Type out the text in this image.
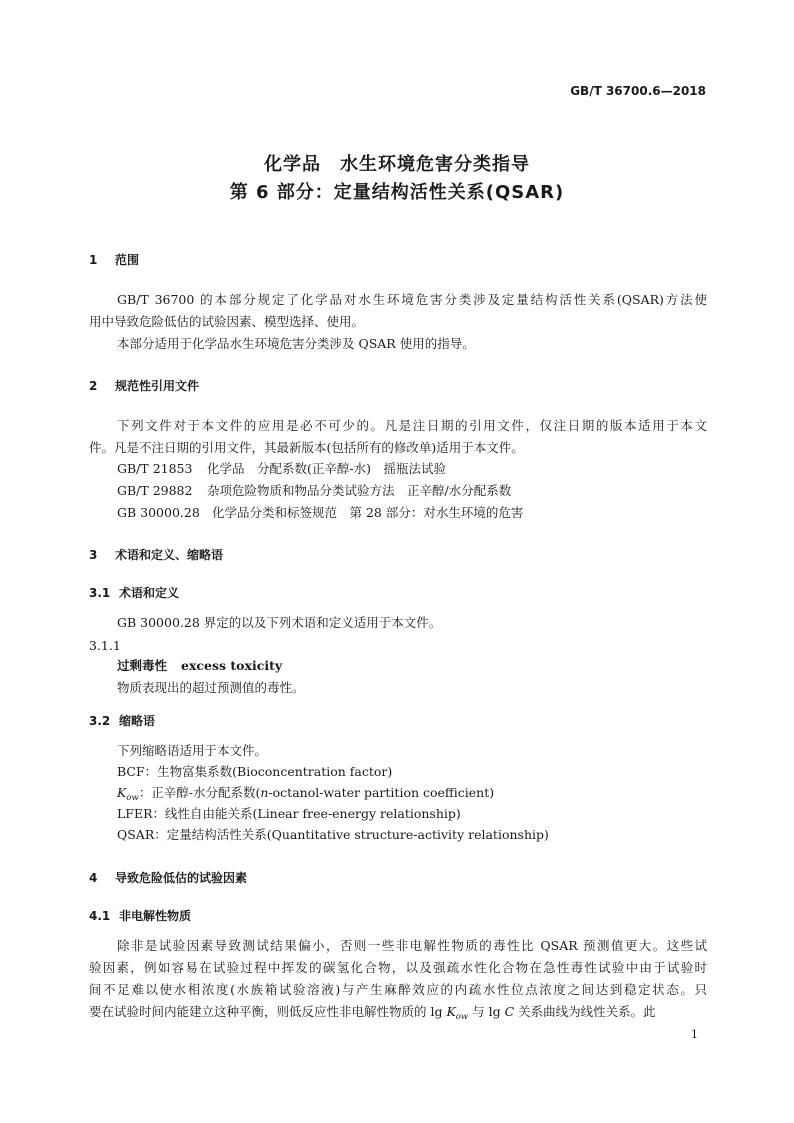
GB/T 36700.6—2018
化学品　水生环境危害分类指导
第 6 部分：定量结构活性关系(QSAR)
1 范围
GB/T 36700 的本部分规定了化学品对水生环境危害分类涉及定量结构活性关系(QSAR)方法使
用中导致危险低估的试验因素、模型选择、使用。
本部分适用于化学品水生环境危害分类涉及 QSAR 使用的指导。
2 规范性引用文件
下列文件对于本文件的应用是必不可少的。凡是注日期的引用文件，仅注日期的版本适用于本文
件。凡是不注日期的引用文件，其最新版本(包括所有的修改单)适用于本文件。
GB/T 21853 化学品　分配系数(正辛醇-水)　摇瓶法试验
GB/T 29882 杂项危险物质和物品分类试验方法　正辛醇/水分配系数
GB 30000.28 化学品分类和标签规范　第 28 部分：对水生环境的危害
3 术语和定义、缩略语
3.1 术语和定义
GB 30000.28 界定的以及下列术语和定义适用于本文件。
3.1.1
过剩毒性 excess toxicity
物质表现出的超过预测值的毒性。
3.2 缩略语
下列缩略语适用于本文件。
BCF：生物富集系数(Bioconcentration factor)
$K_{ow}$：正辛醇-水分配系数(n-octanol-water partition coefficient)
LFER：线性自由能关系(Linear free-energy relationship)
QSAR：定量结构活性关系(Quantitative structure-activity relationship)
4 导致危险低估的试验因素
4.1 非电解性物质
除非是试验因素导致测试结果偏小，否则一些非电解性物质的毒性比 QSAR 预测值更大。这些试
验因素，例如容易在试验过程中挥发的碳氢化合物，以及强疏水性化合物在急性毒性试验中由于试验时
间不足难以使水相浓度(水族箱试验溶液)与产生麻醉效应的内疏水性位点浓度之间达到稳定状态。只
要在试验时间内能建立这种平衡，则低反应性非电解性物质的 $\lg K_{ow}$ 与 lg C 关系曲线为线性关系。此
1
